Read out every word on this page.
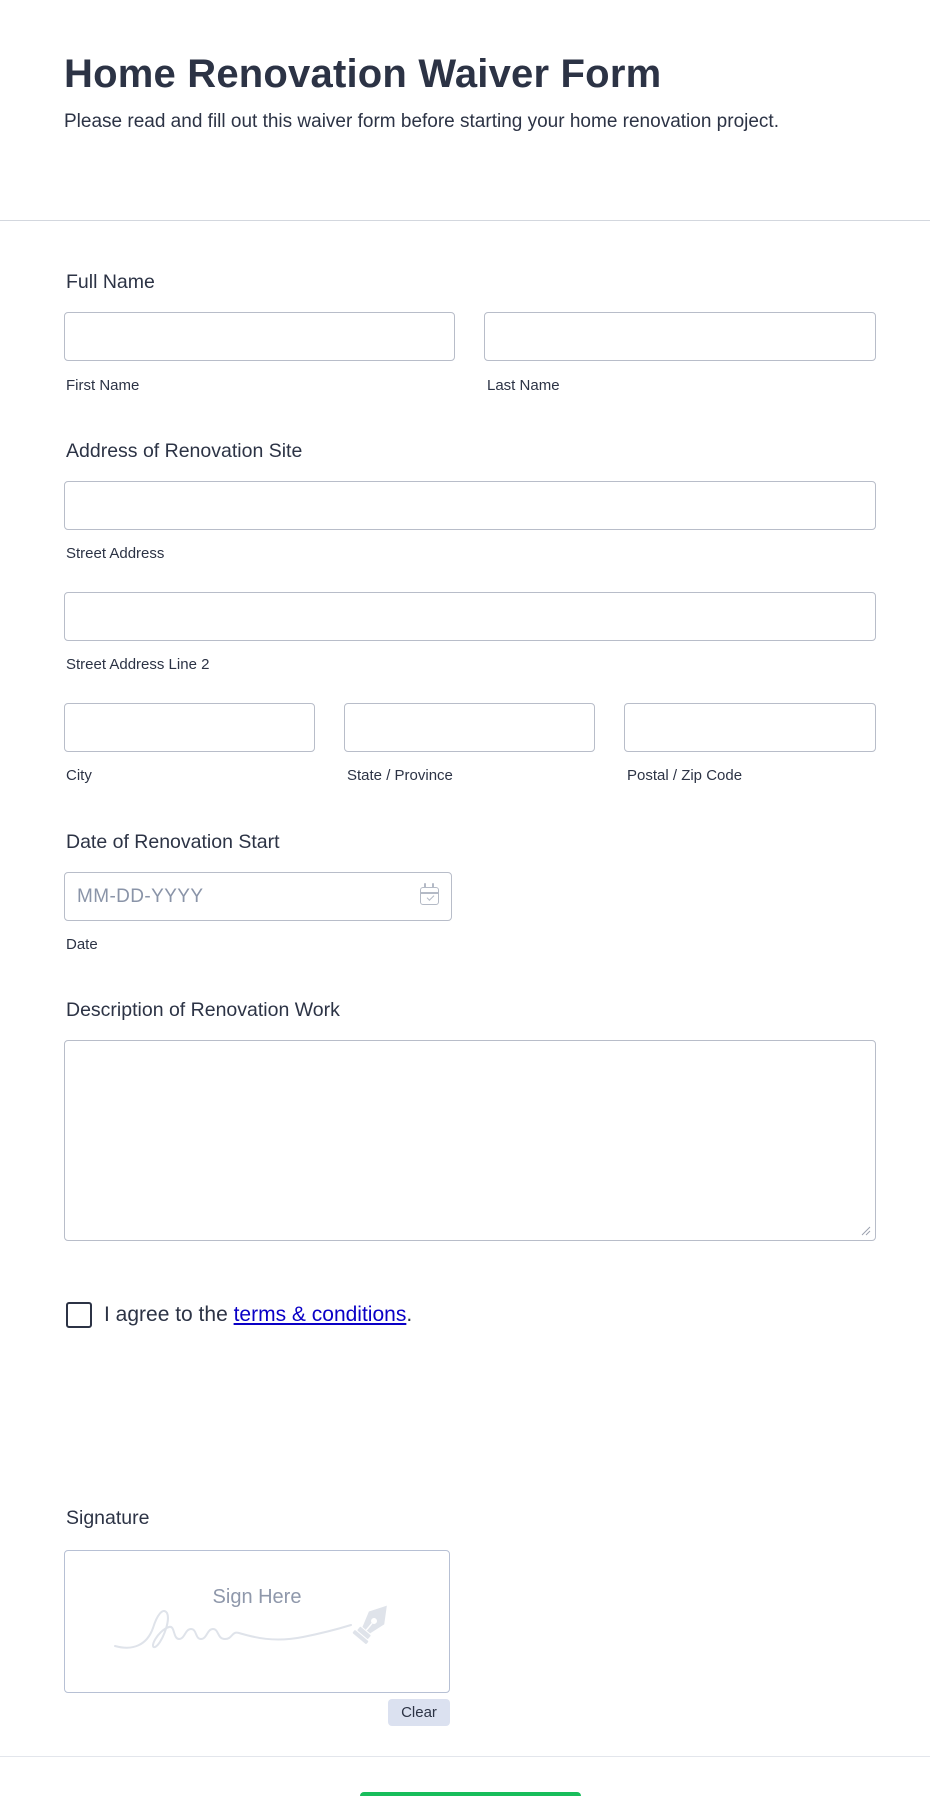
Home Renovation Waiver Form

Please read and fill out this waiver form before starting your home renovation project.

Full Name
First Name	Last Name
Address of Renovation Site
Street Address
Street Address Line 2
City	State / Province	Postal / Zip Code
Date of Renovation Start
MM-DD-YYYY
Date
Description of Renovation Work
I agree to the terms & conditions.
Signature
Sign Here
Clear
